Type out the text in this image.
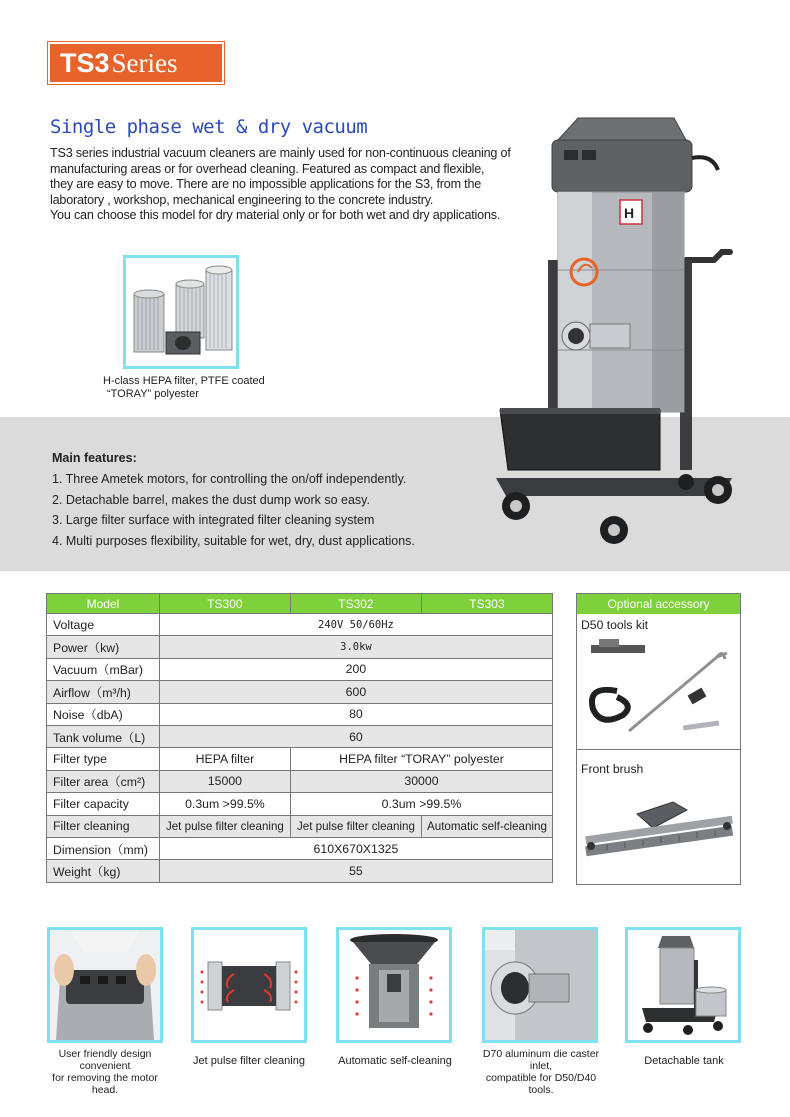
TS3 Series
Single phase wet & dry vacuum

TS3 series industrial vacuum cleaners are mainly used for non-continuous cleaning of

manufacturing areas or for overhead cleaning. Featured as compact and flexible,

they are easy to move. There are no impossible applications for the S3, from the

laboratory , workshop, mechanical engineering to the concrete industry.

You can choose this model for dry material only or for both wet and dry applications.

H-class HEPA filter, PTFE coated
“TORAY” polyester
Main features:
1. Three Ametek motors, for controlling the on/off independently.
2. Detachable barrel, makes the dust dump work so easy.
3. Large filter surface with integrated filter cleaning system
4. Multi purposes flexibility, suitable for wet, dry, dust applications.
H
Model	TS300	TS302	TS303
Voltage	240V 50/60Hz		
Power（kw)	3.0kw		
Vacuum（mBar)	200		
Airflow（m³/h)	600		
Noise（dbA)	80		
Tank volume（L)	60		
Filter type	HEPA filter	HEPA filter “TORAY” polyester	
Filter area（cm²)	15000	30000	
Filter capacity	0.3um >99.5%	0.3um >99.5%	
Filter cleaning	Jet pulse filter cleaning	Jet pulse filter cleaning	Automatic self-cleaning
Dimension（mm)	610X670X1325		
Weight（kg)	55		
Optional accessory
D50 tools kit
Front brush
User friendly design convenient
for removing the motor head.
Jet pulse filter cleaning	Automatic self-cleaning
D70 aluminum die caster inlet,
compatible for D50/D40 tools.
Detachable tank
